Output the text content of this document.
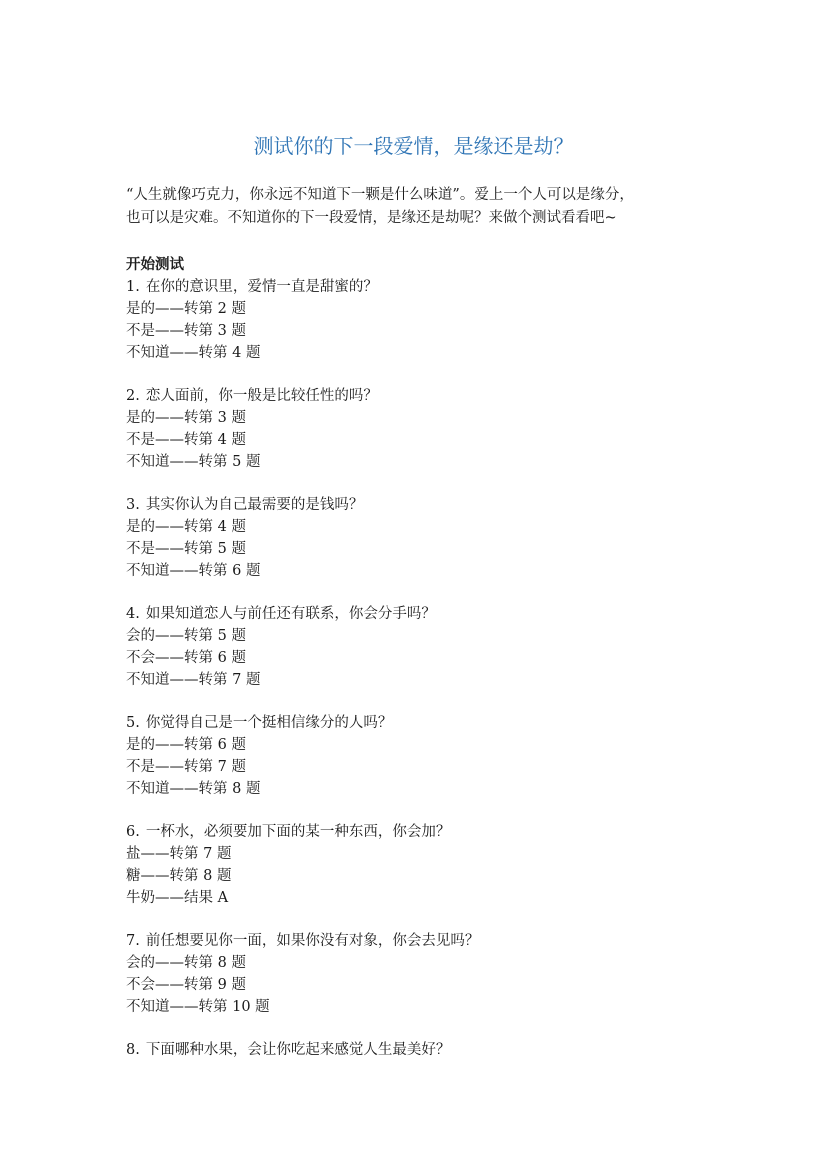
测试你的下一段爱情，是缘还是劫？

“人生就像巧克力，你永远不知道下一颗是什么味道”。爱上一个人可以是缘分，
也可以是灾难。不知道你的下一段爱情，是缘还是劫呢？来做个测试看看吧~

开始测试
1. 在你的意识里，爱情一直是甜蜜的？
是的——转第 2 题
不是——转第 3 题
不知道——转第 4 题
2. 恋人面前，你一般是比较任性的吗？
是的——转第 3 题
不是——转第 4 题
不知道——转第 5 题
3. 其实你认为自己最需要的是钱吗？
是的——转第 4 题
不是——转第 5 题
不知道——转第 6 题
4. 如果知道恋人与前任还有联系，你会分手吗？
会的——转第 5 题
不会——转第 6 题
不知道——转第 7 题
5. 你觉得自己是一个挺相信缘分的人吗？
是的——转第 6 题
不是——转第 7 题
不知道——转第 8 题
6. 一杯水，必须要加下面的某一种东西，你会加？
盐——转第 7 题
糖——转第 8 题
牛奶——结果 A
7. 前任想要见你一面，如果你没有对象，你会去见吗？
会的——转第 8 题
不会——转第 9 题
不知道——转第 10 题
8. 下面哪种水果，会让你吃起来感觉人生最美好？
